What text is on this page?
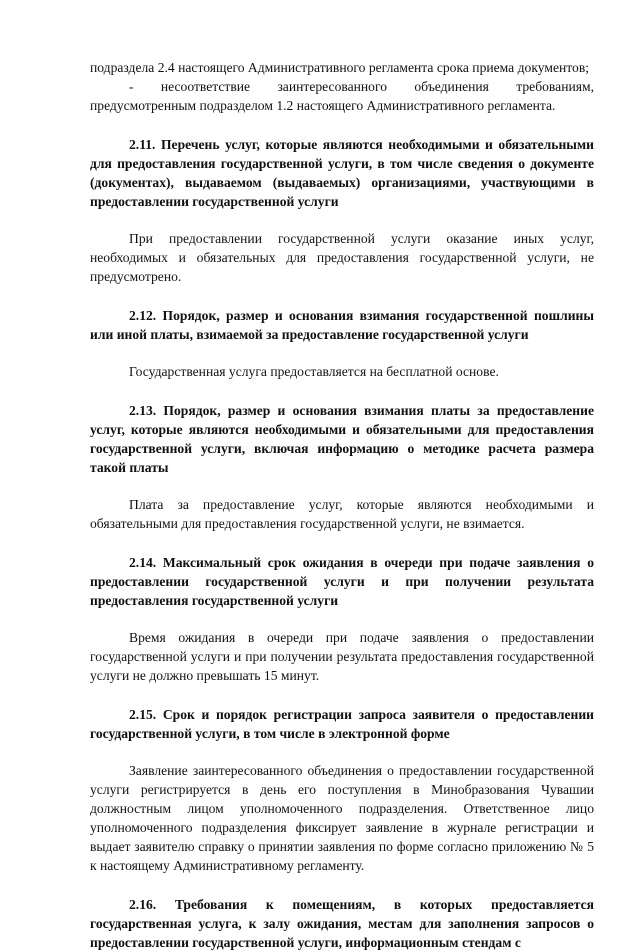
подраздела 2.4 настоящего Административного регламента срока приема документов;

- несоответствие заинтересованного объединения требованиям, предусмотренным подразделом 1.2 настоящего Административного регламента.

2.11. Перечень услуг, которые являются необходимыми и обязательными для предоставления государственной услуги, в том числе сведения о документе (документах), выдаваемом (выдаваемых) организациями, участвующими в предоставлении государственной услуги

При предоставлении государственной услуги оказание иных услуг, необходимых и обязательных для предоставления государственной услуги, не предусмотрено.

2.12. Порядок, размер и основания взимания государственной пошлины или иной платы, взимаемой за предоставление государственной услуги

Государственная услуга предоставляется на бесплатной основе.

2.13. Порядок, размер и основания взимания платы за предоставление услуг, которые являются необходимыми и обязательными для предоставления государственной услуги, включая информацию о методике расчета размера такой платы

Плата за предоставление услуг, которые являются необходимыми и обязательными для предоставления государственной услуги, не взимается.

2.14. Максимальный срок ожидания в очереди при подаче заявления о предоставлении государственной услуги и при получении результата предоставления государственной услуги

Время ожидания в очереди при подаче заявления о предоставлении государственной услуги и при получении результата предоставления государственной услуги не должно превышать 15 минут.

2.15. Срок и порядок регистрации запроса заявителя о предоставлении государственной услуги, в том числе в электронной форме

Заявление заинтересованного объединения о предоставлении государственной услуги регистрируется в день его поступления в Минобразования Чувашии должностным лицом уполномоченного подразделения. Ответственное лицо уполномоченного подразделения фиксирует заявление в журнале регистрации и выдает заявителю справку о принятии заявления по форме согласно приложению № 5 к настоящему Административному регламенту.

2.16. Требования к помещениям, в которых предоставляется государственная услуга, к залу ожидания, местам для заполнения запросов о предоставлении государственной услуги, информационным стендам с
